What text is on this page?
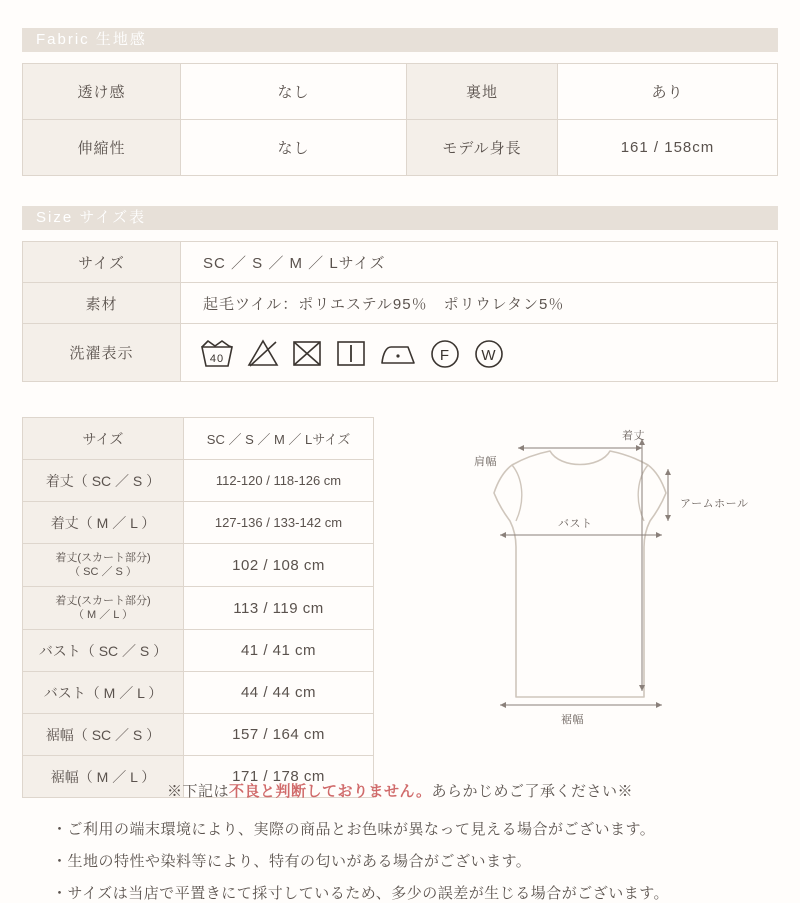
Fabric 生地感
透け感	なし	裏地	あり
伸縮性	なし	モデル身長	161 / 158cm
Size サイズ表
サイズ	SC ／ S ／ M ／ Lサイズ
素材	起毛ツイル：ポリエステル95％　ポリウレタン5％
洗濯表示	40 F W
サイズ	SC ／ S ／ M ／ Lサイズ
着丈（ SC ／ S ）	112-120 / 118-126 cm
着丈（ M ／ L ）	127-136 / 133-142 cm
着丈(スカート部分)
（ SC ／ S ）	102 / 108 cm
着丈(スカート部分)
（ M ／ L ）	113 / 119 cm
バスト（ SC ／ S ）	41 / 41 cm
バスト（ M ／ L ）	44 / 44 cm
裾幅（ SC ／ S ）	157 / 164 cm
裾幅（ M ／ L ）	171 / 178 cm
肩幅
着丈
アームホール
バスト
裾幅
※下記は不良と判断しておりません。あらかじめご了承ください※
・ご利用の端末環境により、実際の商品とお色味が異なって見える場合がございます。
・生地の特性や染料等により、特有の匂いがある場合がございます。
・サイズは当店で平置きにて採寸しているため、多少の誤差が生じる場合がございます。
